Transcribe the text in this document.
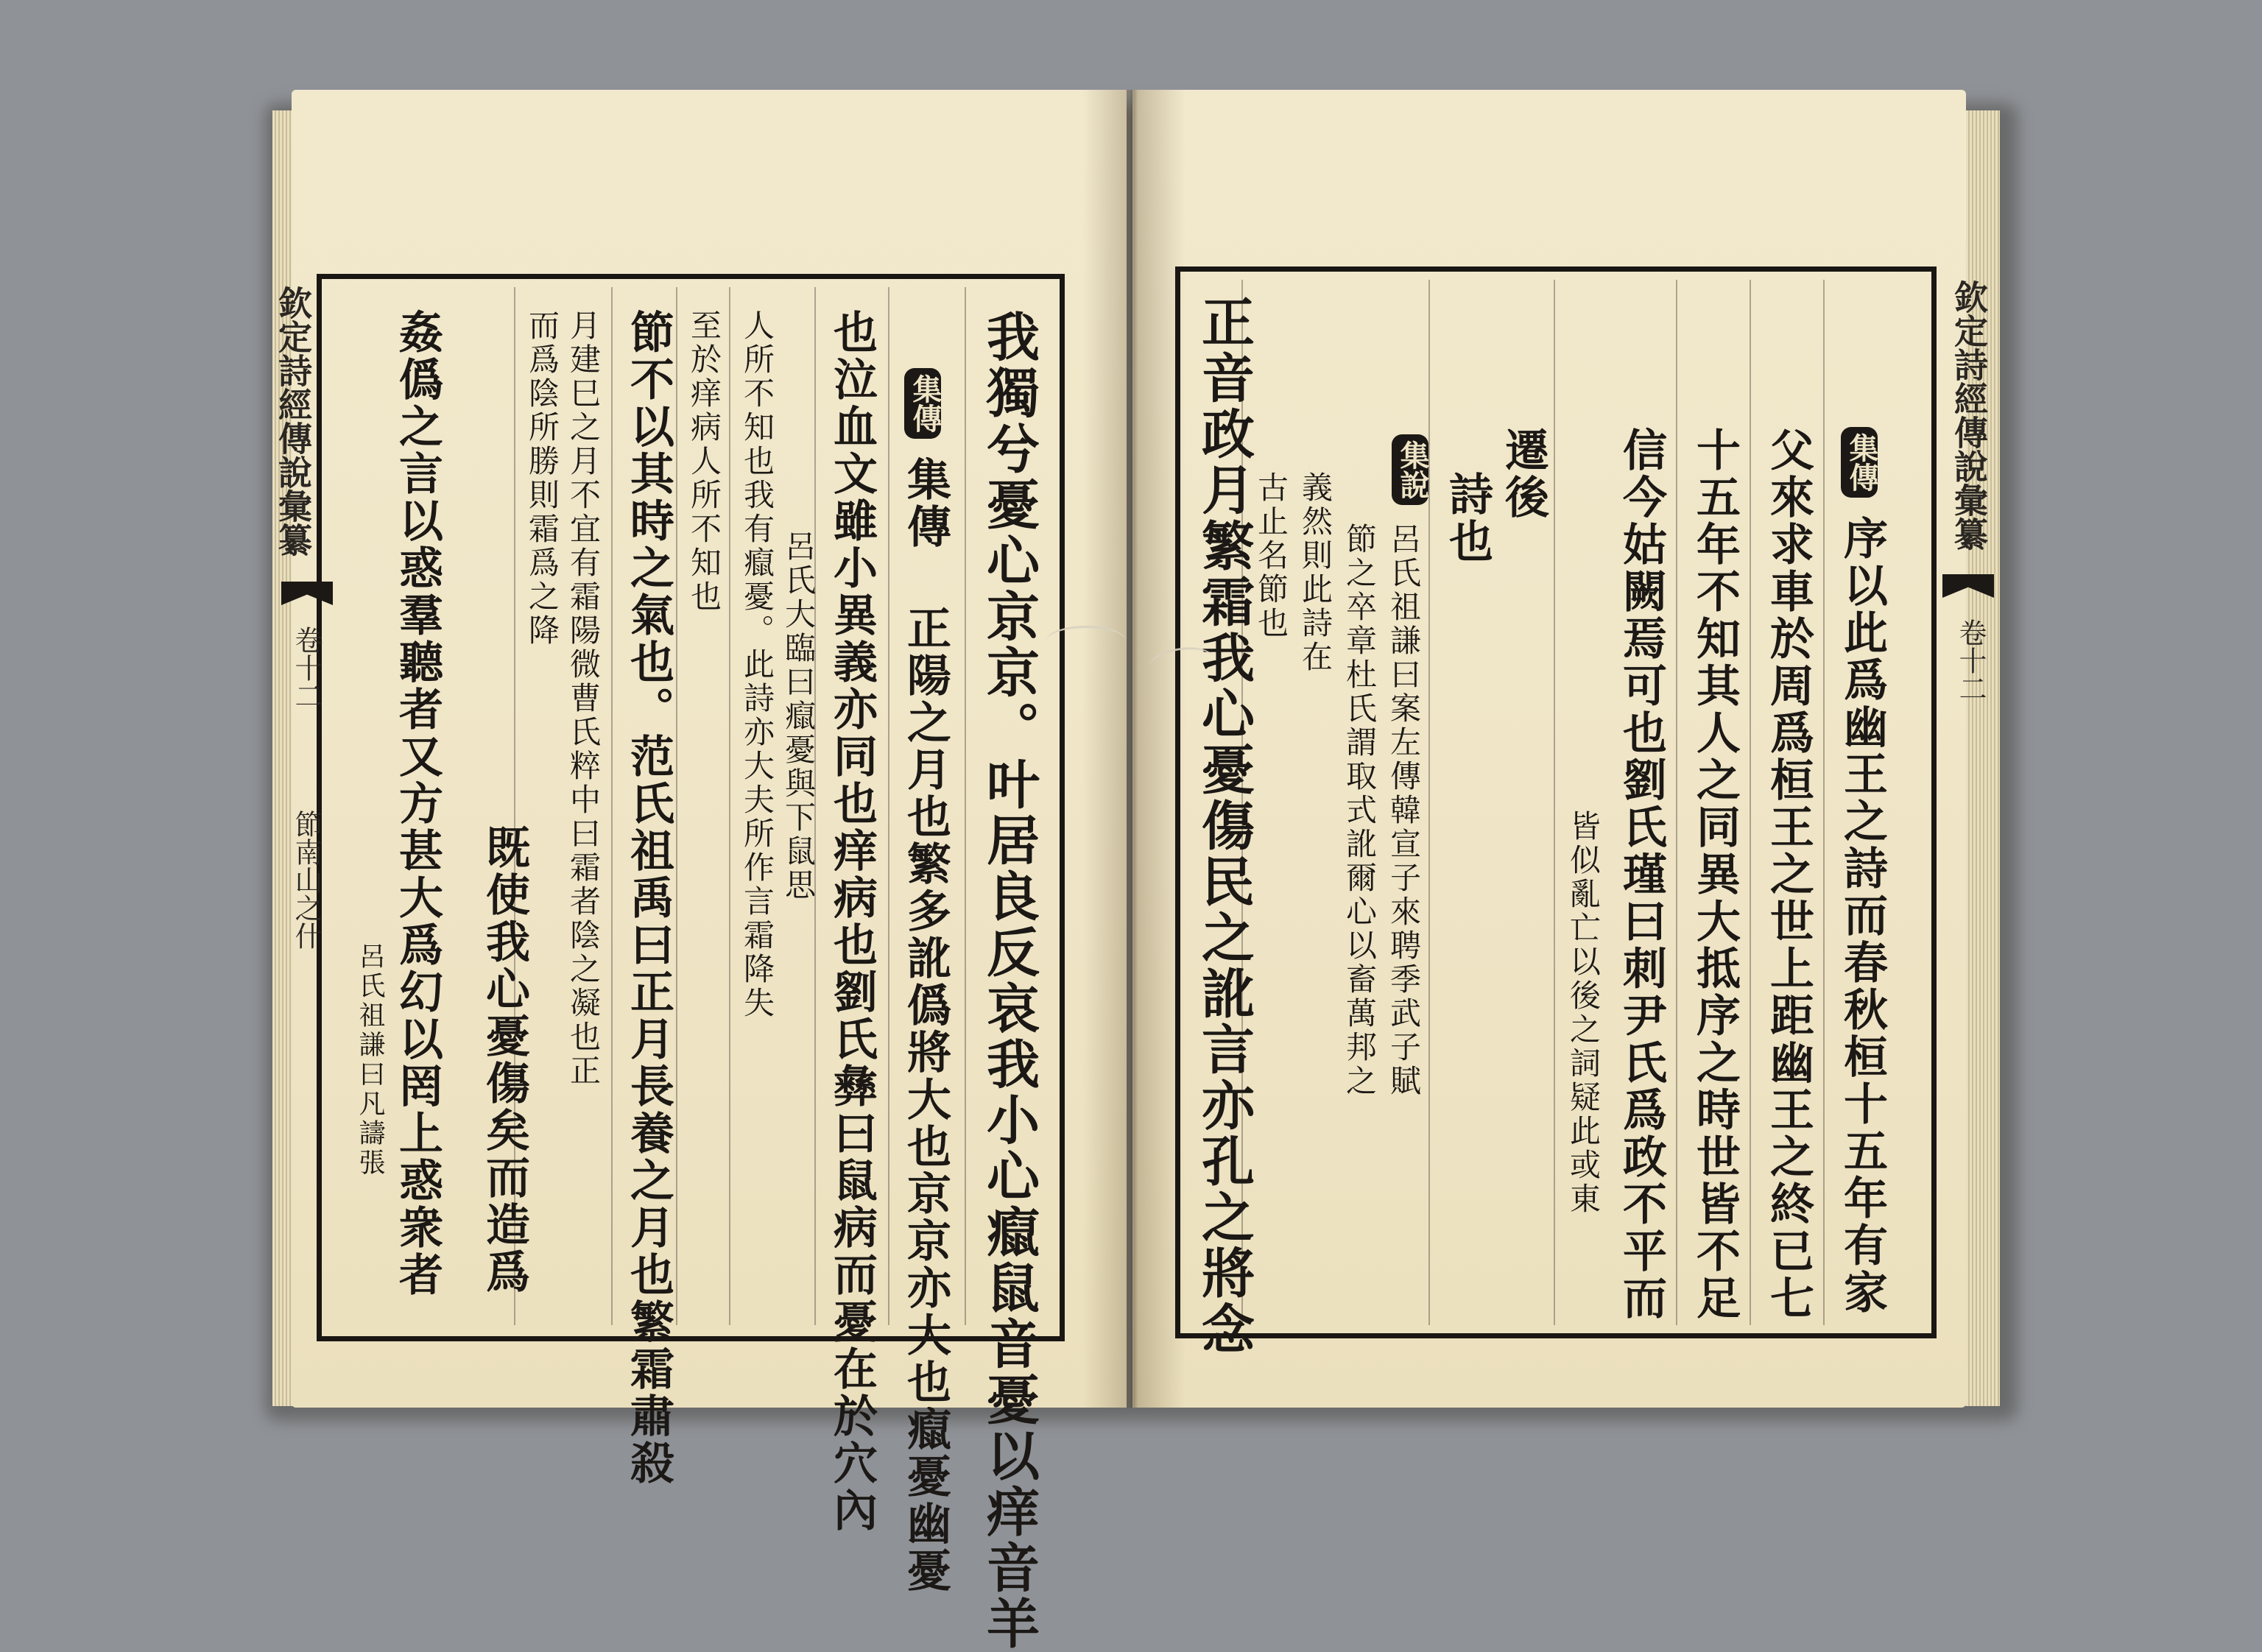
欽定詩經傳說彙纂
卷十二
節南山之什	我獨兮憂心京京。叶居良反哀我小心癙鼠音憂以痒音羊
集傳
集傳 正陽之月也繁多訛僞將大也京京亦大也癙憂幽憂
也泣血文雖小異義亦同也痒病也劉氏彝曰鼠病而憂在於穴內
呂氏大臨曰癙憂與下鼠思
人所不知也我有癙憂。此詩亦大夫所作言霜降失
至於痒病人所不知也
節不以其時之氣也。范氏祖禹曰正月長養之月也繁霜肅殺
月建巳之月不宜有霜陽微曹氏粹中曰霜者陰之凝也正
而爲陰所勝則霜爲之降
既使我心憂傷矣而造爲
姦僞之言以惑羣聽者又方甚大爲幻以罔上惑衆者
呂氏祖謙曰凡譸張
欽定詩經傳說彙纂
卷十二
集傳
序以此爲幽王之詩而春秋桓十五年有家
父來求車於周爲桓王之世上距幽王之終已七
十五年不知其人之同異大抵序之時世皆不足
信今姑闕焉可也劉氏瑾曰刺尹氏爲政不平而
皆似亂亡以後之詞疑此或東
遷後
詩也
集說
呂氏祖謙曰案左傳韓宣子來聘季武子賦
節之卒章杜氏謂取式訛爾心以畜萬邦之
義然則此詩在
古止名節也
正音政月繁霜我心憂傷民之訛言亦孔之將念
